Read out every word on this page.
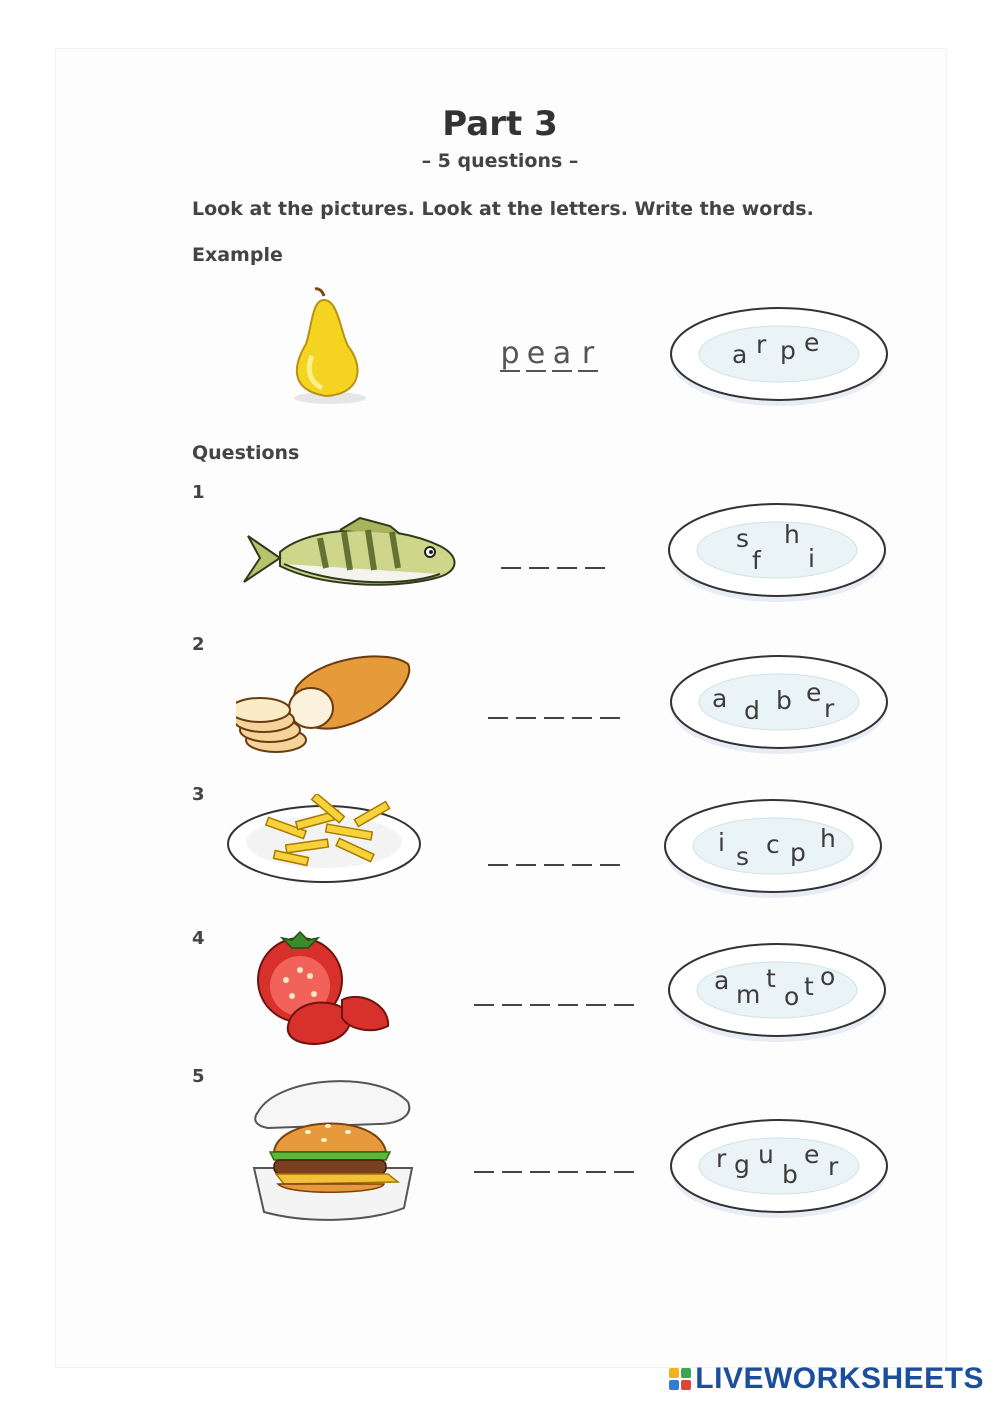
Part 3
– 5 questions –
Look at the pictures. Look at the letters. Write the words.
Example
Questions
p e a r	a r p e
1
s
f
h
i
2
a d b e
r
3
i s c p h
4
a m
t
o t o
5
r g u
b
e r
LIVEWORKSHEETS
